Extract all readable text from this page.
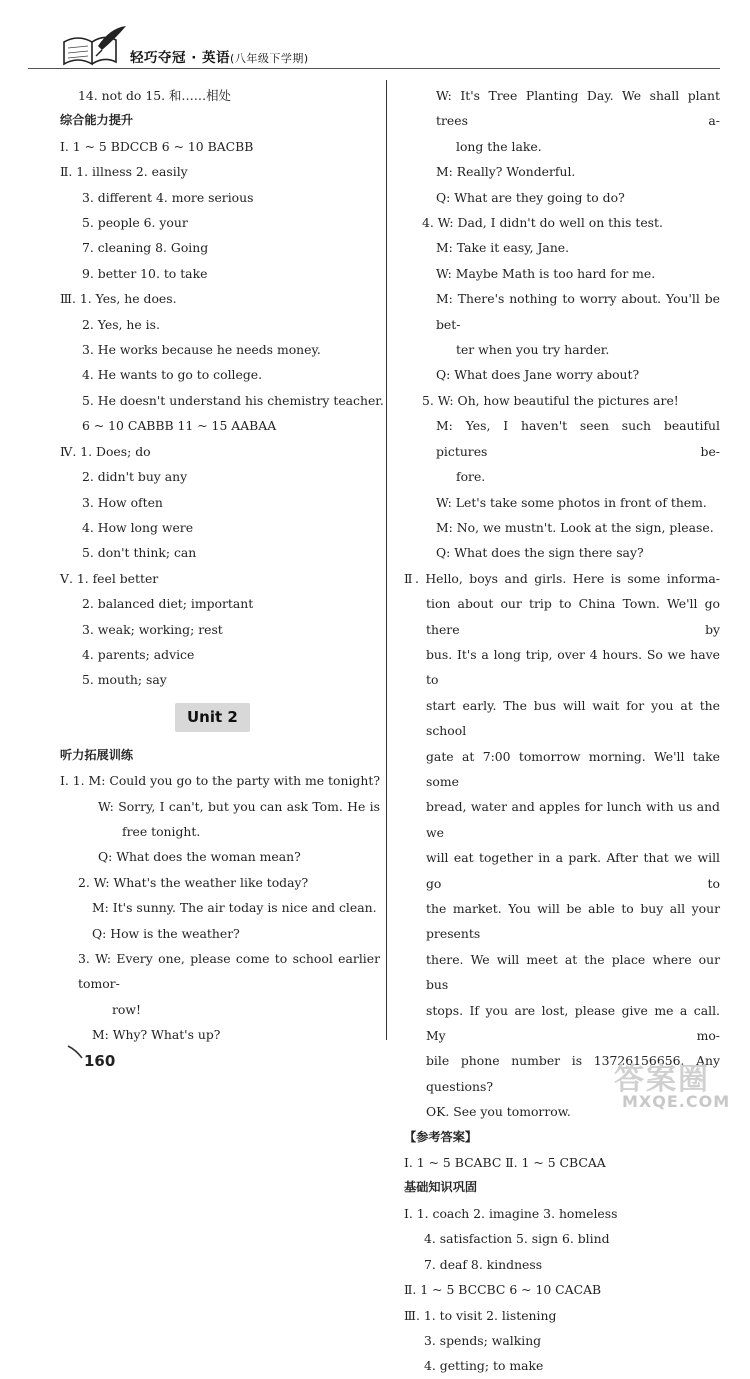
轻巧夺冠 · 英语(八年级下学期)
14. not do 15. 和……相处
综合能力提升
Ⅰ. 1 ~ 5 BDCCB 6 ~ 10 BACBB
Ⅱ. 1. illness 2. easily
3. different 4. more serious
5. people 6. your
7. cleaning 8. Going
9. better 10. to take
Ⅲ. 1. Yes, he does.
2. Yes, he is.
3. He works because he needs money.
4. He wants to go to college.
5. He doesn't understand his chemistry teacher.
6 ~ 10 CABBB 11 ~ 15 AABAA
Ⅳ. 1. Does; do
2. didn't buy any
3. How often
4. How long were
5. don't think; can
Ⅴ. 1. feel better
2. balanced diet; important
3. weak; working; rest
4. parents; advice
5. mouth; say
Unit 2
听力拓展训练
Ⅰ. 1. M: Could you go to the party with me tonight?
W: Sorry, I can't, but you can ask Tom. He is
free tonight.
Q: What does the woman mean?
2. W: What's the weather like today?
M: It's sunny. The air today is nice and clean.
Q: How is the weather?
3. W: Every one, please come to school earlier tomor-
row!
M: Why? What's up?
W: It's Tree Planting Day. We shall plant trees a-
long the lake.
M: Really? Wonderful.
Q: What are they going to do?
4. W: Dad, I didn't do well on this test.
M: Take it easy, Jane.
W: Maybe Math is too hard for me.
M: There's nothing to worry about. You'll be bet-
ter when you try harder.
Q: What does Jane worry about?
5. W: Oh, how beautiful the pictures are!
M: Yes, I haven't seen such beautiful pictures be-
fore.
W: Let's take some photos in front of them.
M: No, we mustn't. Look at the sign, please.
Q: What does the sign there say?
Ⅱ. Hello, boys and girls. Here is some informa-
tion about our trip to China Town. We'll go there by
bus. It's a long trip, over 4 hours. So we have to
start early. The bus will wait for you at the school
gate at 7:00 tomorrow morning. We'll take some
bread, water and apples for lunch with us and we
will eat together in a park. After that we will go to
the market. You will be able to buy all your presents
there. We will meet at the place where our bus
stops. If you are lost, please give me a call. My mo-
bile phone number is 13726156656. Any questions?
OK. See you tomorrow.
【参考答案】
Ⅰ. 1 ~ 5 BCABC Ⅱ. 1 ~ 5 CBCAA
基础知识巩固
Ⅰ. 1. coach 2. imagine 3. homeless
4. satisfaction 5. sign 6. blind
7. deaf 8. kindness
Ⅱ. 1 ~ 5 BCCBC 6 ~ 10 CACAB
Ⅲ. 1. to visit 2. listening
3. spends; walking
4. getting; to make
160
答案圈
MXQE.COM
